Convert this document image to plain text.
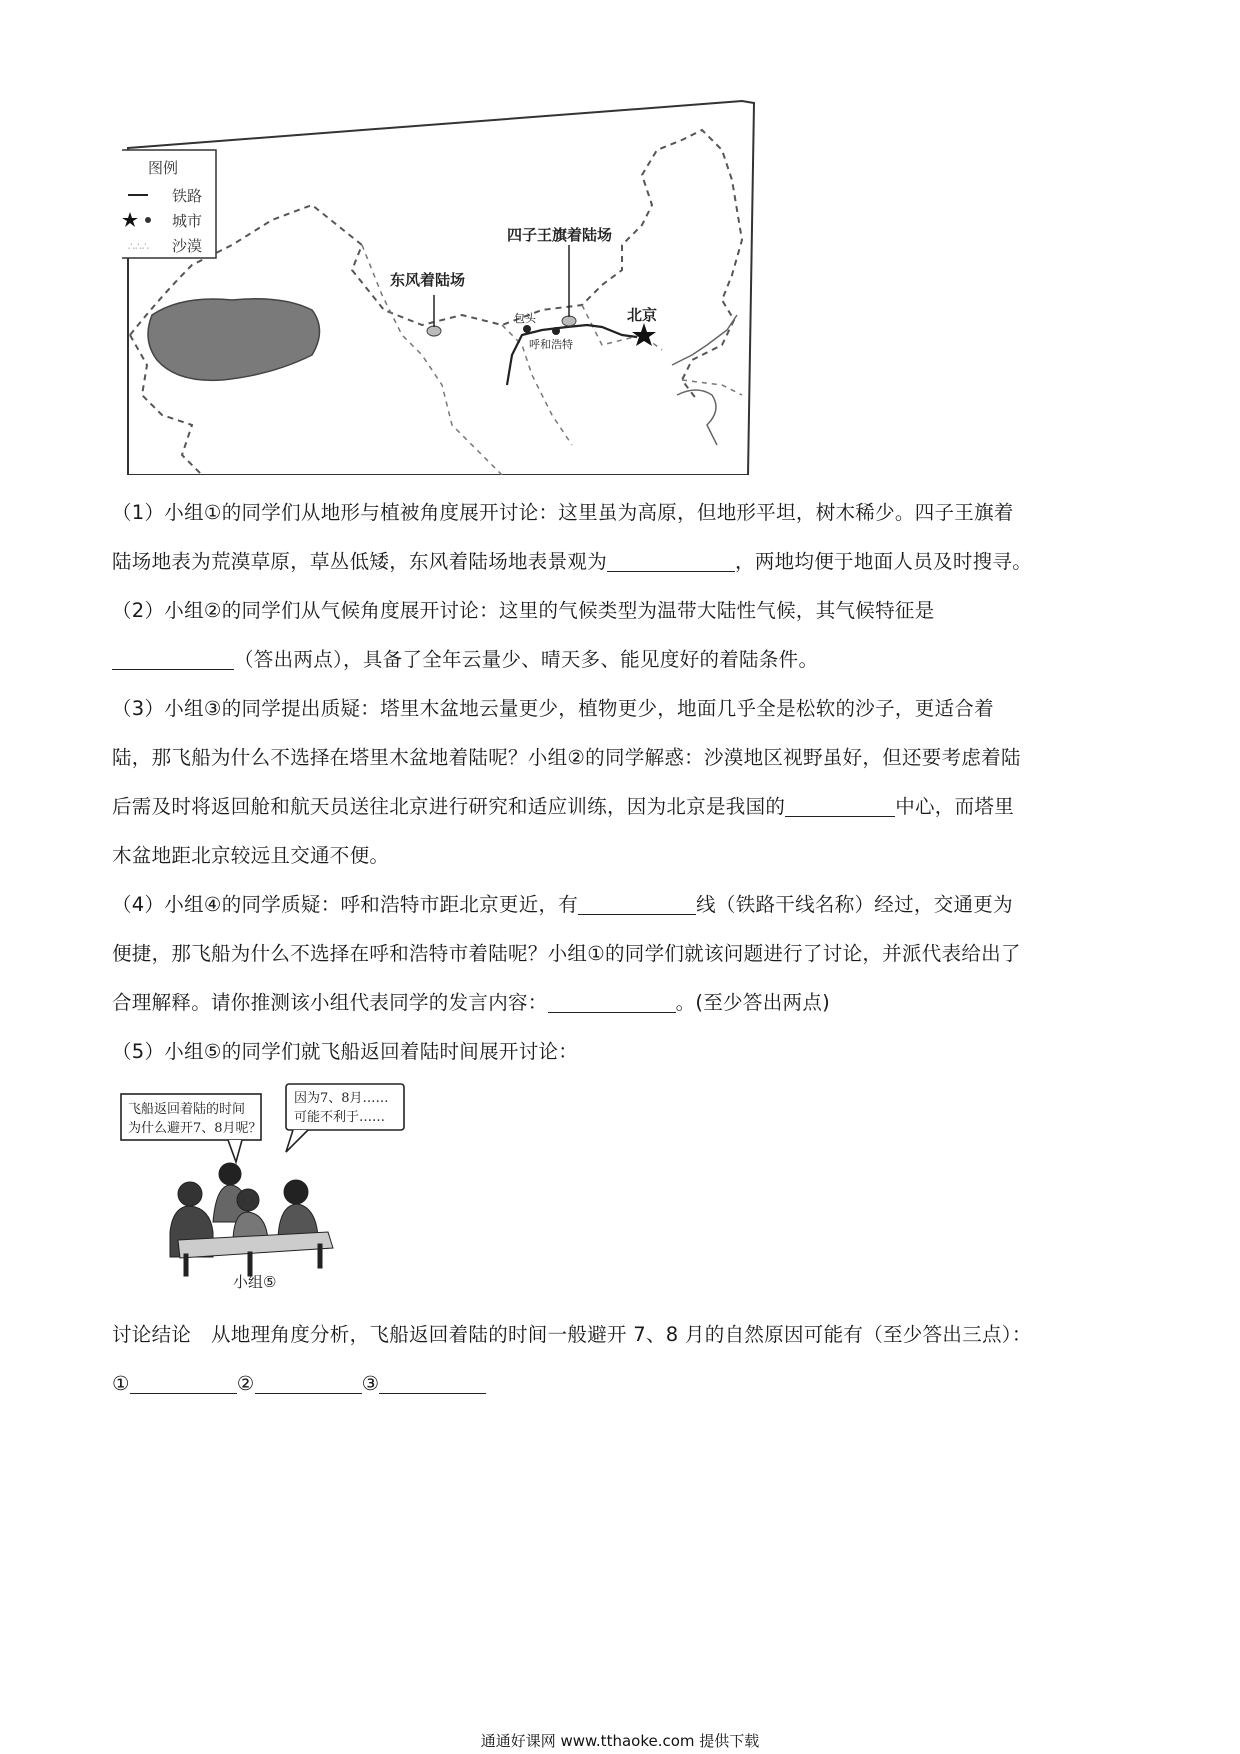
东风着陆场
四子王旗着陆场
北京
呼和浩特
包头
图例
铁路
城市
∴∴∴ 沙漠
（1）小组①的同学们从地形与植被角度展开讨论：这里虽为高原，但地形平坦，树木稀少。四子王旗着
陆场地表为荒漠草原，草丛低矮，东风着陆场地表景观为	，两地均便于地面人员及时搜寻。
（2）小组②的同学们从气候角度展开讨论：这里的气候类型为温带大陆性气候，其气候特征是
（答出两点），具备了全年云量少、晴天多、能见度好的着陆条件。
（3）小组③的同学提出质疑：塔里木盆地云量更少，植物更少，地面几乎全是松软的沙子，更适合着
陆，那飞船为什么不选择在塔里木盆地着陆呢？小组②的同学解惑：沙漠地区视野虽好，但还要考虑着陆
后需及时将返回舱和航天员送往北京进行研究和适应训练，因为北京是我国的	中心，而塔里
木盆地距北京较远且交通不便。
（4）小组④的同学质疑：呼和浩特市距北京更近，有	线（铁路干线名称）经过，交通更为
便捷，那飞船为什么不选择在呼和浩特市着陆呢？小组①的同学们就该问题进行了讨论，并派代表给出了
合理解释。请你推测该小组代表同学的发言内容：	。(至少答出两点)
（5）小组⑤的同学们就飞船返回着陆时间展开讨论：
飞船返回着陆的时间
为什么避开7、8月呢？
因为7、8月……
可能不利于……
小组⑤
讨论结论　从地理角度分析，飞船返回着陆的时间一般避开 7、8 月的自然原因可能有（至少答出三点）：
①	②	③
通通好课网 www.tthaoke.com 提供下载
